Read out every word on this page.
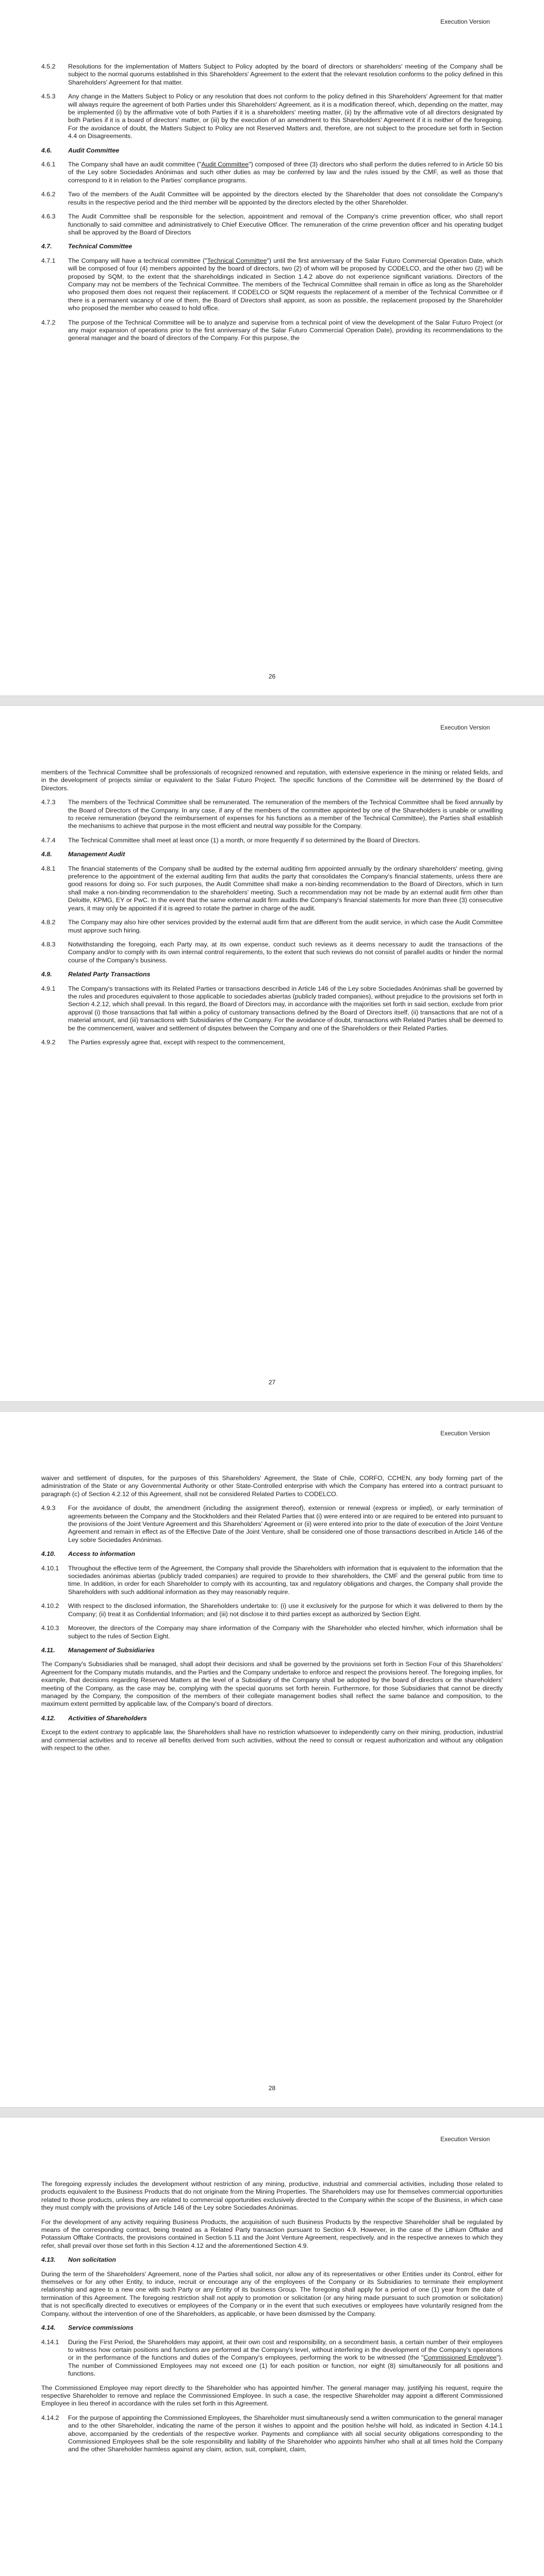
Execution Version
4.5.2	Resolutions for the implementation of Matters Subject to Policy adopted by the board of directors or shareholders' meeting of the Company shall be subject to the normal quorums established in this Shareholders' Agreement to the extent that the relevant resolution conforms to the policy defined in this Shareholders' Agreement for that matter.
4.5.3	Any change in the Matters Subject to Policy or any resolution that does not conform to the policy defined in this Shareholders' Agreement for that matter will always require the agreement of both Parties under this Shareholders' Agreement, as it is a modification thereof, which, depending on the matter, may be implemented (i) by the affirmative vote of both Parties if it is a shareholders' meeting matter, (ii) by the affirmative vote of all directors designated by both Parties if it is a board of directors' matter, or (iii) by the execution of an amendment to this Shareholders' Agreement if it is neither of the foregoing. For the avoidance of doubt, the Matters Subject to Policy are not Reserved Matters and, therefore, are not subject to the procedure set forth in Section 4.4 on Disagreements.
4.6.	Audit Committee
4.6.1	The Company shall have an audit committee ("Audit Committee") composed of three (3) directors who shall perform the duties referred to in Article 50 bis of the Ley sobre Sociedades Anónimas and such other duties as may be conferred by law and the rules issued by the CMF, as well as those that correspond to it in relation to the Parties' compliance programs.
4.6.2	Two of the members of the Audit Committee will be appointed by the directors elected by the Shareholder that does not consolidate the Company's results in the respective period and the third member will be appointed by the directors elected by the other Shareholder.
4.6.3	The Audit Committee shall be responsible for the selection, appointment and removal of the Company's crime prevention officer, who shall report functionally to said committee and administratively to Chief Executive Officer. The remuneration of the crime prevention officer and his operating budget shall be approved by the Board of Directors
4.7.	Technical Committee
4.7.1	The Company will have a technical committee ("Technical Committee") until the first anniversary of the Salar Futuro Commercial Operation Date, which will be composed of four (4) members appointed by the board of directors, two (2) of whom will be proposed by CODELCO, and the other two (2) will be proposed by SQM, to the extent that the shareholdings indicated in Section 1.4.2 above do not experience significant variations. Directors of the Company may not be members of the Technical Committee. The members of the Technical Committee shall remain in office as long as the Shareholder who proposed them does not request their replacement. If CODELCO or SQM requests the replacement of a member of the Technical Committee or if there is a permanent vacancy of one of them, the Board of Directors shall appoint, as soon as possible, the replacement proposed by the Shareholder who proposed the member who ceased to hold office.
4.7.2	The purpose of the Technical Committee will be to analyze and supervise from a technical point of view the development of the Salar Futuro Project (or any major expansion of operations prior to the first anniversary of the Salar Futuro Commercial Operation Date), providing its recommendations to the general manager and the board of directors of the Company. For this purpose, the
26
Execution Version
members of the Technical Committee shall be professionals of recognized renowned and reputation, with extensive experience in the mining or related fields, and in the development of projects similar or equivalent to the Salar Futuro Project. The specific functions of the Committee will be determined by the Board of Directors.
4.7.3	The members of the Technical Committee shall be remunerated. The remuneration of the members of the Technical Committee shall be fixed annually by the Board of Directors of the Company. In any case, if any of the members of the committee appointed by one of the Shareholders is unable or unwilling to receive remuneration (beyond the reimbursement of expenses for his functions as a member of the Technical Committee), the Parties shall establish the mechanisms to achieve that purpose in the most efficient and neutral way possible for the Company.
4.7.4	The Technical Committee shall meet at least once (1) a month, or more frequently if so determined by the Board of Directors.
4.8.	Management Audit
4.8.1	The financial statements of the Company shall be audited by the external auditing firm appointed annually by the ordinary shareholders' meeting, giving preference to the appointment of the external auditing firm that audits the party that consolidates the Company's financial statements, unless there are good reasons for doing so. For such purposes, the Audit Committee shall make a non-binding recommendation to the Board of Directors, which in turn shall make a non-binding recommendation to the shareholders' meeting. Such a recommendation may not be made by an external audit firm other than Deloitte, KPMG, EY or PwC. In the event that the same external audit firm audits the Company's financial statements for more than three (3) consecutive years, it may only be appointed if it is agreed to rotate the partner in charge of the audit.
4.8.2	The Company may also hire other services provided by the external audit firm that are different from the audit service, in which case the Audit Committee must approve such hiring.
4.8.3	Notwithstanding the foregoing, each Party may, at its own expense, conduct such reviews as it deems necessary to audit the transactions of the Company and/or to comply with its own internal control requirements, to the extent that such reviews do not consist of parallel audits or hinder the normal course of the Company's business.
4.9.	Related Party Transactions
4.9.1	The Company's transactions with its Related Parties or transactions described in Article 146 of the Ley sobre Sociedades Anónimas shall be governed by the rules and procedures equivalent to those applicable to sociedades abiertas (publicly traded companies), without prejudice to the provisions set forth in Section 4.2.12, which shall prevail. In this regard, the Board of Directors may, in accordance with the majorities set forth in said section, exclude from prior approval (i) those transactions that fall within a policy of customary transactions defined by the Board of Directors itself, (ii) transactions that are not of a material amount, and (iii) transactions with Subsidiaries of the Company. For the avoidance of doubt, transactions with Related Parties shall be deemed to be the commencement, waiver and settlement of disputes between the Company and one of the Shareholders or their Related Parties.
4.9.2	The Parties expressly agree that, except with respect to the commencement,
27
Execution Version
waiver and settlement of disputes, for the purposes of this Shareholders' Agreement, the State of Chile, CORFO, CCHEN, any body forming part of the administration of the State or any Governmental Authority or other State-Controlled enterprise with which the Company has entered into a contract pursuant to paragraph (c) of Section 4.2.12 of this Agreement, shall not be considered Related Parties to CODELCO.
4.9.3	For the avoidance of doubt, the amendment (including the assignment thereof), extension or renewal (express or implied), or early termination of agreements between the Company and the Stockholders and their Related Parties that (i) were entered into or are required to be entered into pursuant to the provisions of the Joint Venture Agreement and this Shareholders' Agreement or (ii) were entered into prior to the date of execution of the Joint Venture Agreement and remain in effect as of the Effective Date of the Joint Venture, shall be considered one of those transactions described in Article 146 of the Ley sobre Sociedades Anónimas.
4.10.	Access to information
4.10.1	Throughout the effective term of the Agreement, the Company shall provide the Shareholders with information that is equivalent to the information that the sociedades anónimas abiertas (publicly traded companies) are required to provide to their shareholders, the CMF and the general public from time to time. In addition, in order for each Shareholder to comply with its accounting, tax and regulatory obligations and charges, the Company shall provide the Shareholders with such additional information as they may reasonably require.
4.10.2	With respect to the disclosed information, the Shareholders undertake to: (i) use it exclusively for the purpose for which it was delivered to them by the Company; (ii) treat it as Confidential Information; and (iii) not disclose it to third parties except as authorized by Section Eight.
4.10.3	Moreover, the directors of the Company may share information of the Company with the Shareholder who elected him/her, which information shall be subject to the rules of Section Eight.
4.11.	Management of Subsidiaries
The Company's Subsidiaries shall be managed, shall adopt their decisions and shall be governed by the provisions set forth in Section Four of this Shareholders' Agreement for the Company mutatis mutandis, and the Parties and the Company undertake to enforce and respect the provisions hereof. The foregoing implies, for example, that decisions regarding Reserved Matters at the level of a Subsidiary of the Company shall be adopted by the board of directors or the shareholders' meeting of the Company, as the case may be, complying with the special quorums set forth herein. Furthermore, for those Subsidiaries that cannot be directly managed by the Company, the composition of the members of their collegiate management bodies shall reflect the same balance and composition, to the maximum extent permitted by applicable law, of the Company's board of directors.
4.12.	Activities of Shareholders
Except to the extent contrary to applicable law, the Shareholders shall have no restriction whatsoever to independently carry on their mining, production, industrial and commercial activities and to receive all benefits derived from such activities, without the need to consult or request authorization and without any obligation with respect to the other.
28
Execution Version
The foregoing expressly includes the development without restriction of any mining, productive, industrial and commercial activities, including those related to products equivalent to the Business Products that do not originate from the Mining Properties. The Shareholders may use for themselves commercial opportunities related to those products, unless they are related to commercial opportunities exclusively directed to the Company within the scope of the Business, in which case they must comply with the provisions of Article 146 of the Ley sobre Sociedades Anónimas.
For the development of any activity requiring Business Products, the acquisition of such Business Products by the respective Shareholder shall be regulated by means of the corresponding contract, being treated as a Related Party transaction pursuant to Section 4.9. However, in the case of the Lithium Offtake and Potassium Offtake Contracts, the provisions contained in Section 5.11 and the Joint Venture Agreement, respectively, and in the respective annexes to which they refer, shall prevail over those set forth in this Section 4.12 and the aforementioned Section 4.9.
4.13.	Non solicitation
During the term of the Shareholders' Agreement, none of the Parties shall solicit, nor allow any of its representatives or other Entities under its Control, either for themselves or for any other Entity, to induce, recruit or encourage any of the employees of the Company or its Subsidiaries to terminate their employment relationship and agree to a new one with such Party or any Entity of its business Group. The foregoing shall apply for a period of one (1) year from the date of termination of this Agreement. The foregoing restriction shall not apply to promotion or solicitation (or any hiring made pursuant to such promotion or solicitation) that is not specifically directed to executives or employees of the Company or in the event that such executives or employees have voluntarily resigned from the Company, without the intervention of one of the Shareholders, as applicable, or have been dismissed by the Company.
4.14.	Service commissions
4.14.1	During the First Period, the Shareholders may appoint, at their own cost and responsibility, on a secondment basis, a certain number of their employees to witness how certain positions and functions are performed at the Company's level, without interfering in the development of the Company's operations or in the performance of the functions and duties of the Company's employees, performing the work to be witnessed (the "Commissioned Employee"). The number of Commissioned Employees may not exceed one (1) for each position or function, nor eight (8) simultaneously for all positions and functions.
The Commissioned Employee may report directly to the Shareholder who has appointed him/her. The general manager may, justifying his request, require the respective Shareholder to remove and replace the Commissioned Employee. In such a case, the respective Shareholder may appoint a different Commissioned Employee in lieu thereof in accordance with the rules set forth in this Agreement.
4.14.2	For the purpose of appointing the Commissioned Employees, the Shareholder must simultaneously send a written communication to the general manager and to the other Shareholder, indicating the name of the person it wishes to appoint and the position he/she will hold, as indicated in Section 4.14.1 above, accompanied by the credentials of the respective worker. Payments and compliance with all social security obligations corresponding to the Commissioned Employees shall be the sole responsibility and liability of the Shareholder who appoints him/her who shall at all times hold the Company and the other Shareholder harmless against any claim, action, suit, complaint, claim,
